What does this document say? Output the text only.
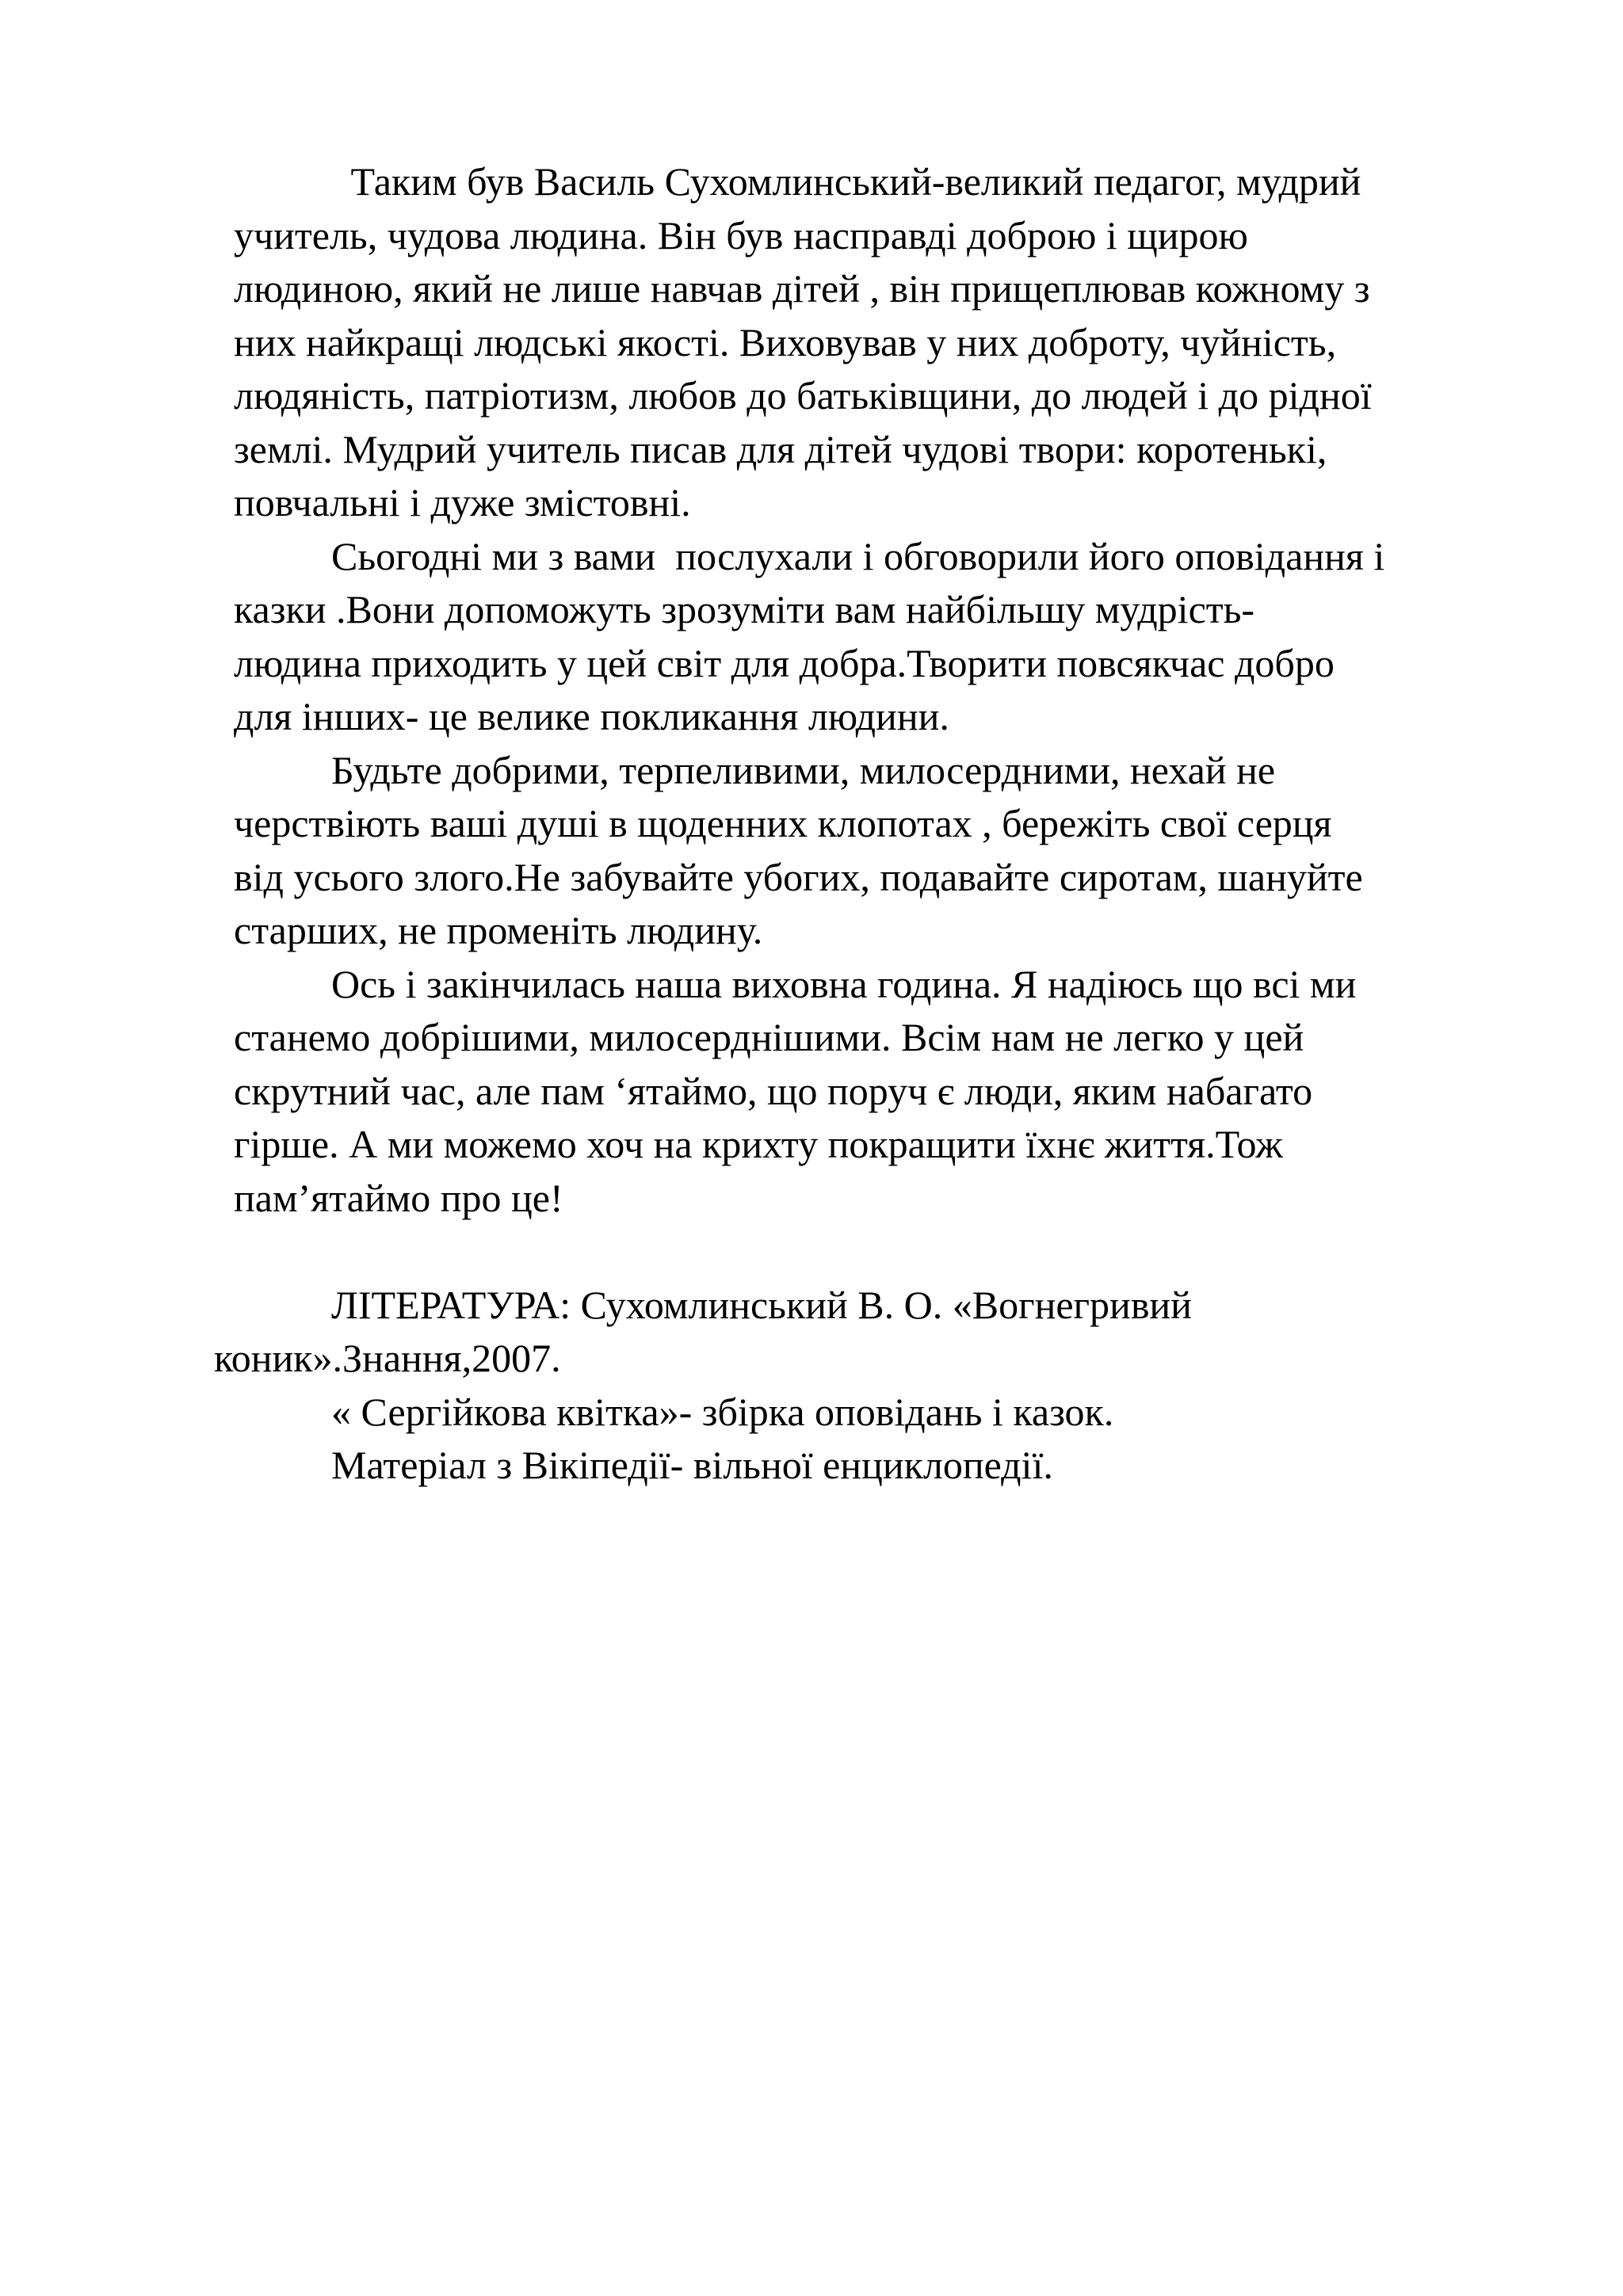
Таким був Василь Сухомлинський-великий педагог, мудрий
учитель, чудова людина. Він був насправді доброю і щирою
людиною, який не лише навчав дітей , він прищеплював кожному з
них найкращі людські якості. Виховував у них доброту, чуйність,
людяність, патріотизм, любов до батьківщини, до людей і до рідної
землі. Мудрий учитель писав для дітей чудові твори: коротенькі,
повчальні і дуже змістовні.
Сьогодні ми з вами  послухали і обговорили його оповідання і
казки .Вони допоможуть зрозуміти вам найбільшу мудрість-
людина приходить у цей світ для добра.Творити повсякчас добро
для інших- це велике покликання людини.
Будьте добрими, терпеливими, милосердними, нехай не
черствіють ваші душі в щоденних клопотах , бережіть свої серця
від усього злого.Не забувайте убогих, подавайте сиротам, шануйте
старших, не променіть людину.
Ось і закінчилась наша виховна година. Я надіюсь що всі ми
станемо добрішими, милосерднішими. Всім нам не легко у цей
скрутний час, але пам ‘ятаймо, що поруч є люди, яким набагато
гірше. А ми можемо хоч на крихту покращити їхнє життя.Тож
пам’ятаймо про це!
ЛІТЕРАТУРА: Сухомлинський В. О. «Вогнегривий
коник».Знання,2007.
« Сергійкова квітка»- збірка оповідань і казок.
Матеріал з Вікіпедії- вільної енциклопедії.
